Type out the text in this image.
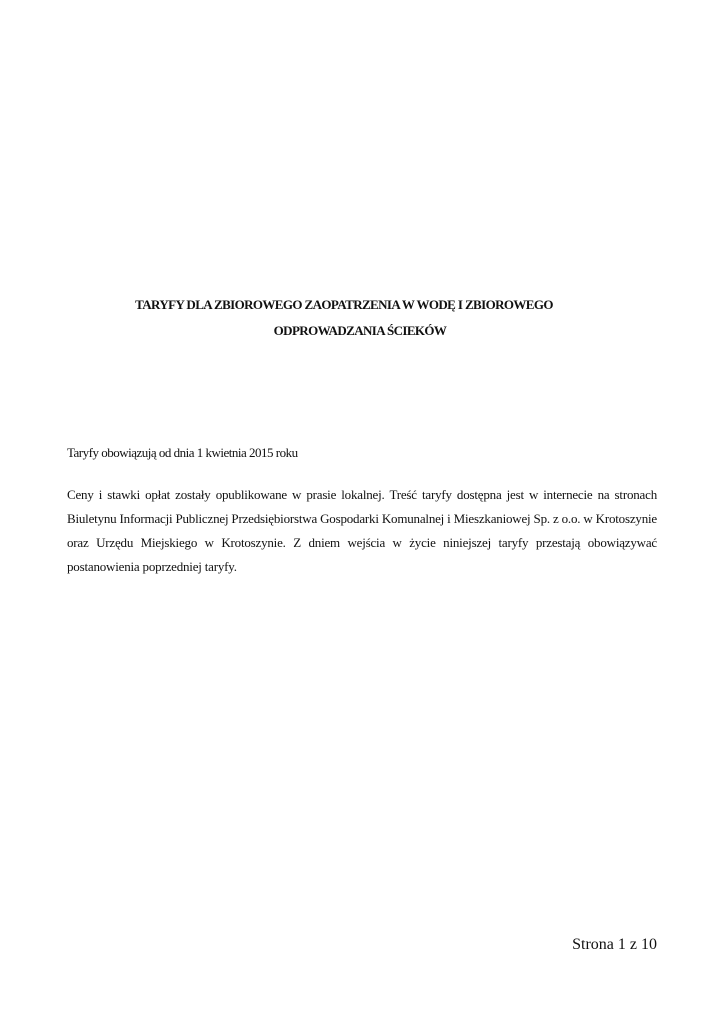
TARYFY DLA ZBIOROWEGO ZAOPATRZENIA W WODĘ I ZBIOROWEGO
ODPROWADZANIA ŚCIEKÓW
Taryfy obowiązują od dnia 1 kwietnia 2015 roku
Ceny i stawki opłat zostały opublikowane w prasie lokalnej. Treść taryfy dostępna jest w internecie na stronach Biuletynu Informacji Publicznej Przedsiębiorstwa Gospodarki Komunalnej i Mieszkaniowej Sp. z o.o. w Krotoszynie oraz Urzędu Miejskiego w Krotoszynie. Z dniem wejścia w życie niniejszej taryfy przestają obowiązywać postanowienia poprzedniej taryfy.
Strona 1 z 10
